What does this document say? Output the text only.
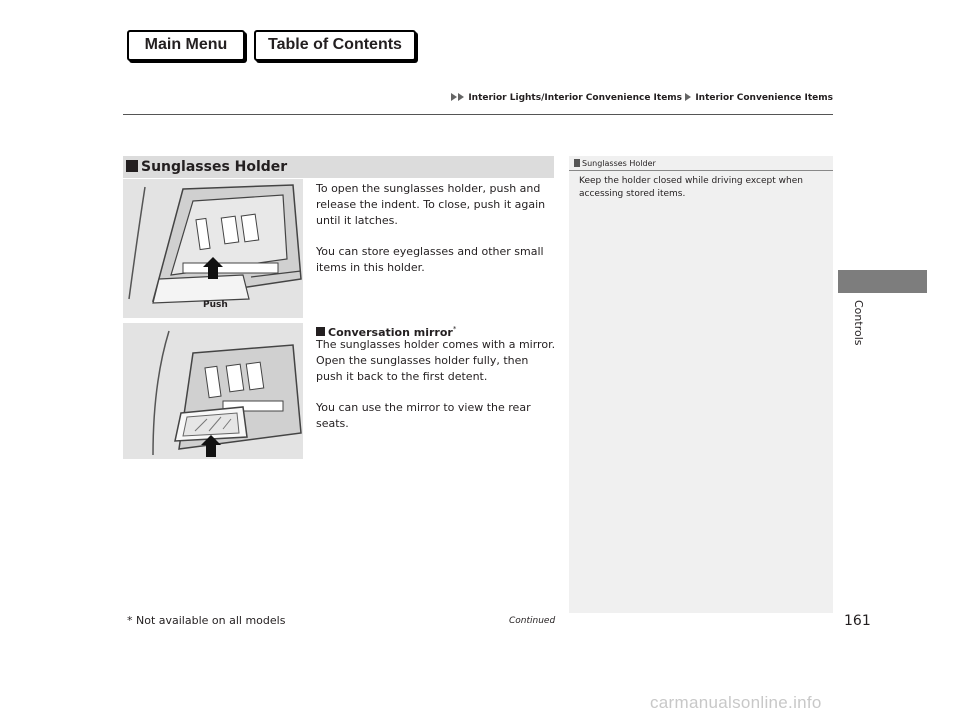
Main Menu	Table of Contents
Interior Lights/Interior Convenience Items Interior Convenience Items
Controls
Sunglasses Holder
To open the sunglasses holder, push and release the indent. To close, push it again until it latches.
You can store eyeglasses and other small items in this holder.
Conversation mirror*
The sunglasses holder comes with a mirror. Open the sunglasses holder fully, then push it back to the first detent.
You can use the mirror to view the rear seats.
Push
Sunglasses Holder
Keep the holder closed while driving except when accessing stored items.
* Not available on all models	Continued	161
carmanualsonline.info
